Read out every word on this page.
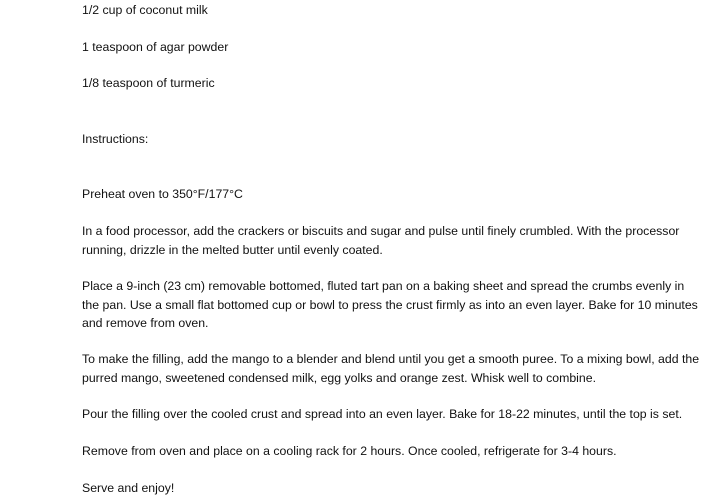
1/2 cup of coconut milk

1 teaspoon of agar powder

1/8 teaspoon of turmeric

Instructions:

Preheat oven to 350°F/177°C

In a food processor, add the crackers or biscuits and sugar and pulse until finely crumbled. With the processor running, drizzle in the melted butter until evenly coated.

Place a 9-inch (23 cm) removable bottomed, fluted tart pan on a baking sheet and spread the crumbs evenly in the pan. Use a small flat bottomed cup or bowl to press the crust firmly as into an even layer. Bake for 10 minutes and remove from oven.

To make the filling, add the mango to a blender and blend until you get a smooth puree. To a mixing bowl, add the purred mango, sweetened condensed milk, egg yolks and orange zest. Whisk well to combine.

Pour the filling over the cooled crust and spread into an even layer. Bake for 18-22 minutes, until the top is set.

Remove from oven and place on a cooling rack for 2 hours. Once cooled, refrigerate for 3-4 hours.

Serve and enjoy!
